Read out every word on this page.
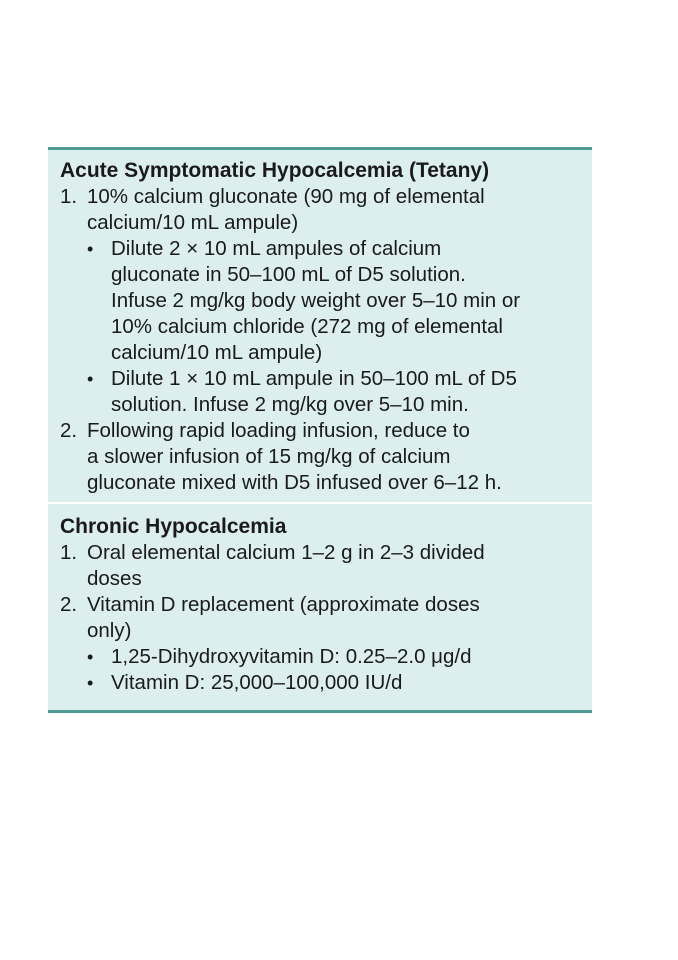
Acute Symptomatic Hypocalcemia (Tetany)
1. 10% calcium gluconate (90 mg of elemental
calcium/10 mL ampule)
• Dilute 2 × 10 mL ampules of calcium
gluconate in 50–100 mL of D5 solution.
Infuse 2 mg/kg body weight over 5–10 min or
10% calcium chloride (272 mg of elemental
calcium/10 mL ampule)
• Dilute 1 × 10 mL ampule in 50–100 mL of D5
solution. Infuse 2 mg/kg over 5–10 min.
2. Following rapid loading infusion, reduce to
a slower infusion of 15 mg/kg of calcium
gluconate mixed with D5 infused over 6–12 h.
Chronic Hypocalcemia
1. Oral elemental calcium 1–2 g in 2–3 divided
doses
2. Vitamin D replacement (approximate doses
only)
• 1,25-Dihydroxyvitamin D: 0.25–2.0 μg/d
• Vitamin D: 25,000–100,000 IU/d
